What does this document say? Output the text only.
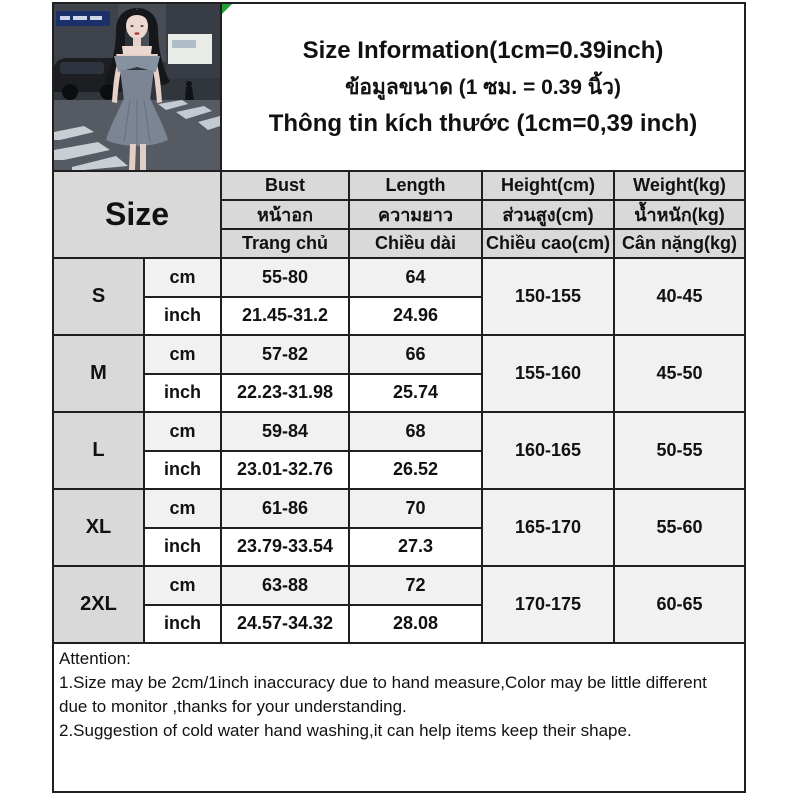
Size Information(1cm=0.39inch)
ข้อมูลขนาด (1 ซม. = 0.39 นิ้ว)
Thông tin kích thước (1cm=0,39 inch)
Size
Bust	Length	Height(cm)	Weight(kg)
หน้าอก	ความยาว	ส่วนสูง(cm)	น้ำหนัก(kg)
Trang chủ	Chiều dài	Chiều cao(cm) Cân nặng(kg)
S
cm	55-80	64
inch	21.45-31.2	24.96
150-155	40-45
M
cm	57-82	66
inch	22.23-31.98	25.74
155-160	45-50
L
cm	59-84	68
inch	23.01-32.76	26.52
160-165	50-55
XL
cm	61-86	70
inch	23.79-33.54	27.3
165-170	55-60
2XL
cm	63-88	72
inch	24.57-34.32	28.08
170-175	60-65
Attention:
1.Size may be 2cm/1inch inaccuracy due to hand measure,Color may be little different
due to monitor ,thanks for your understanding.
2.Suggestion of cold water hand washing,it can help items keep their shape.
